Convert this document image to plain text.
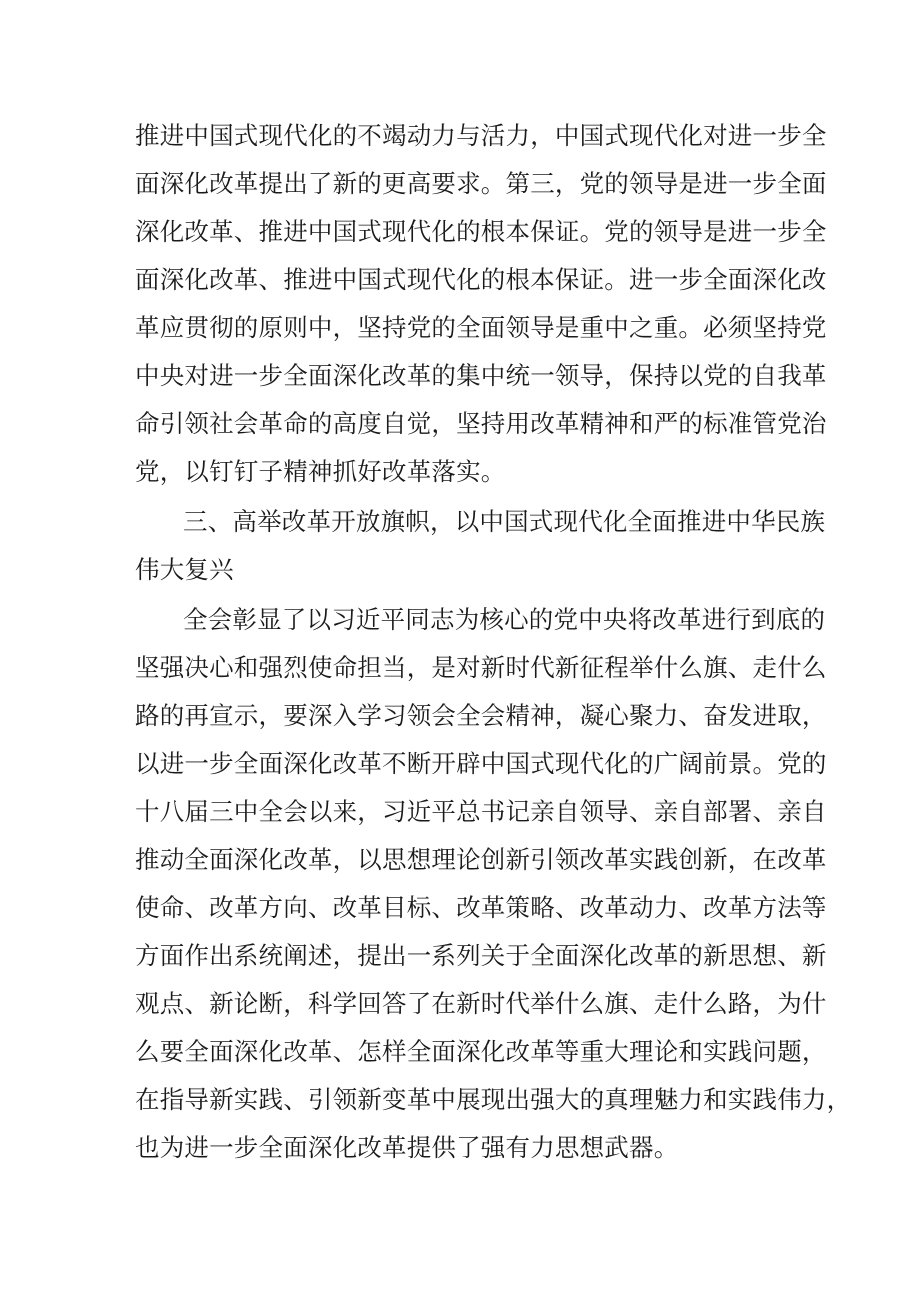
推进中国式现代化的不竭动力与活力，中国式现代化对进一步全
面深化改革提出了新的更高要求。第三，党的领导是进一步全面
深化改革、推进中国式现代化的根本保证。党的领导是进一步全
面深化改革、推进中国式现代化的根本保证。进一步全面深化改
革应贯彻的原则中，坚持党的全面领导是重中之重。必须坚持党
中央对进一步全面深化改革的集中统一领导，保持以党的自我革
命引领社会革命的高度自觉，坚持用改革精神和严的标准管党治
党，以钉钉子精神抓好改革落实。
三、高举改革开放旗帜，以中国式现代化全面推进中华民族
伟大复兴
全会彰显了以习近平同志为核心的党中央将改革进行到底的
坚强决心和强烈使命担当，是对新时代新征程举什么旗、走什么
路的再宣示，要深入学习领会全会精神，凝心聚力、奋发进取，
以进一步全面深化改革不断开辟中国式现代化的广阔前景。党的
十八届三中全会以来，习近平总书记亲自领导、亲自部署、亲自
推动全面深化改革，以思想理论创新引领改革实践创新，在改革
使命、改革方向、改革目标、改革策略、改革动力、改革方法等
方面作出系统阐述，提出一系列关于全面深化改革的新思想、新
观点、新论断，科学回答了在新时代举什么旗、走什么路，为什
么要全面深化改革、怎样全面深化改革等重大理论和实践问题，
在指导新实践、引领新变革中展现出强大的真理魅力和实践伟力，
也为进一步全面深化改革提供了强有力思想武器。
